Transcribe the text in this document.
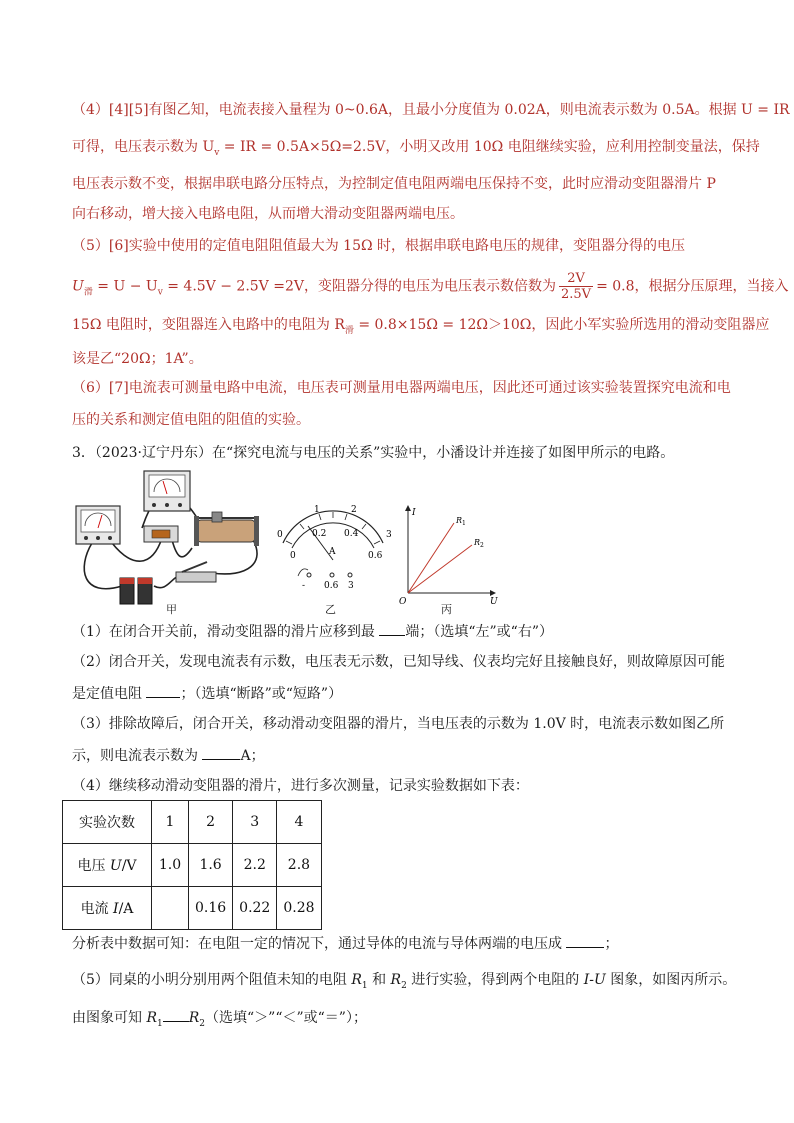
（4）[4][5]有图乙知，电流表接入量程为 0~0.6A，且最小分度值为 0.02A，则电流表示数为 0.5A。根据 U = IR
可得，电压表示数为 $U_v$ = IR = 0.5A×5Ω=2.5V，小明又改用 10Ω 电阻继续实验，应利用控制变量法，保持
电压表示数不变，根据串联电路分压特点，为控制定值电阻两端电压保持不变，此时应滑动变阻器滑片 P
向右移动，增大接入电路电阻，从而增大滑动变阻器两端电压。
（5）[6]实验中使用的定值电阻阻值最大为 15Ω 时，根据串联电路电压的规律，变阻器分得的电压
$U_滑 = U - U_v = 4.5V - 2.5V =2V$，变阻器分得的电压为电压表示数倍数为 $\frac{2V}{2.5V} = 0.8$，根据分压原理，当接入
15Ω 电阻时，变阻器连入电路中的电阻为 $R_滑 = 0.8\times 15\Omega = 12\Omega>10\Omega$，因此小军实验所选用的滑动变阻器应
该是乙“20Ω；1A”。
（6）[7]电流表可测量电路中电流，电压表可测量用电器两端电压，因此还可通过该实验装置探究电流和电
压的关系和测定值电阻的阻值的实验。
3．（2023·辽宁丹东）在“探究电流与电压的关系”实验中，小潘设计并连接了如图甲所示的电路。
甲
0
1	2
3
0
0.2 0.4
0.6
A
- 0.6 3
乙
I
U
O
R 1
R 2
丙
（1）在闭合开关前，滑动变阻器的滑片应移到最 端；（选填“左”或“右”）
（2）闭合开关，发现电流表有示数，电压表无示数，已知导线、仪表均完好且接触良好，则故障原因可能
是定值电阻	；（选填“断路”或“短路”）
（3）排除故障后，闭合开关，移动滑动变阻器的滑片，当电压表的示数为 1.0V 时，电流表示数如图乙所
示，则电流表示数为	A；
（4）继续移动滑动变阻器的滑片，进行多次测量，记录实验数据如下表：
实验次数	1	2	3	4
电压 U/V	1.0	1.6	2.2	2.8
电流 I/A		0.16	0.22	0.28
分析表中数据可知：在电阻一定的情况下，通过导体的电流与导体两端的电压成	；
（5）同桌的小明分别用两个阻值未知的电阻 $R_1$ 和 $R_2$ 进行实验，得到两个电阻的 I-U 图象，如图丙所示。
由图象可知 $R_1$ $R_2$（选填“＞”“＜”或“＝”）；
